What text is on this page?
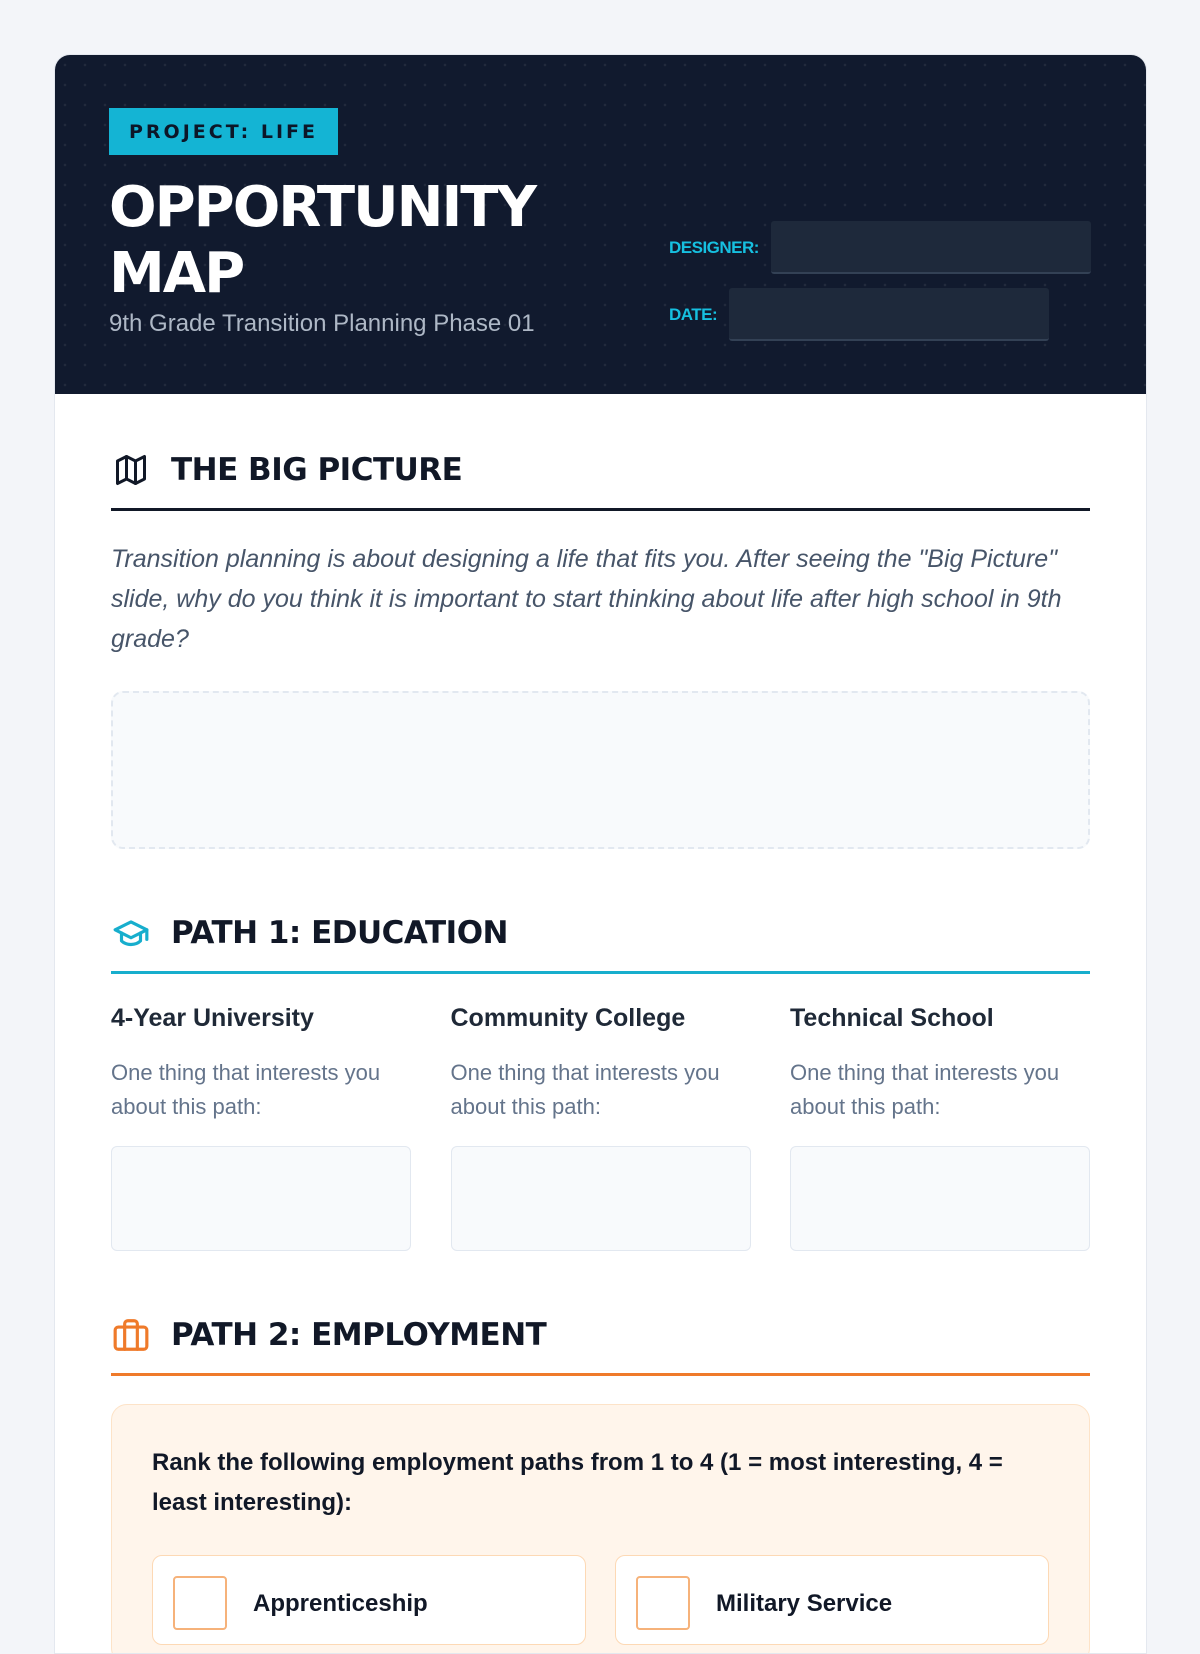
PROJECT: LIFE
OPPORTUNITY MAP
9th Grade Transition Planning Phase 01
DESIGNER:
DATE:
THE BIG PICTURE

Transition planning is about designing a life that fits you. After seeing the "Big Picture" slide, why do you think it is important to start thinking about life after high school in 9th grade?

PATH 1: EDUCATION
4-Year University
One thing that interests you about this path:
Community College
One thing that interests you about this path:
Technical School
One thing that interests you about this path:
PATH 2: EMPLOYMENT

Rank the following employment paths from 1 to 4 (1 = most interesting, 4 = least interesting):

Apprenticeship	Military Service
